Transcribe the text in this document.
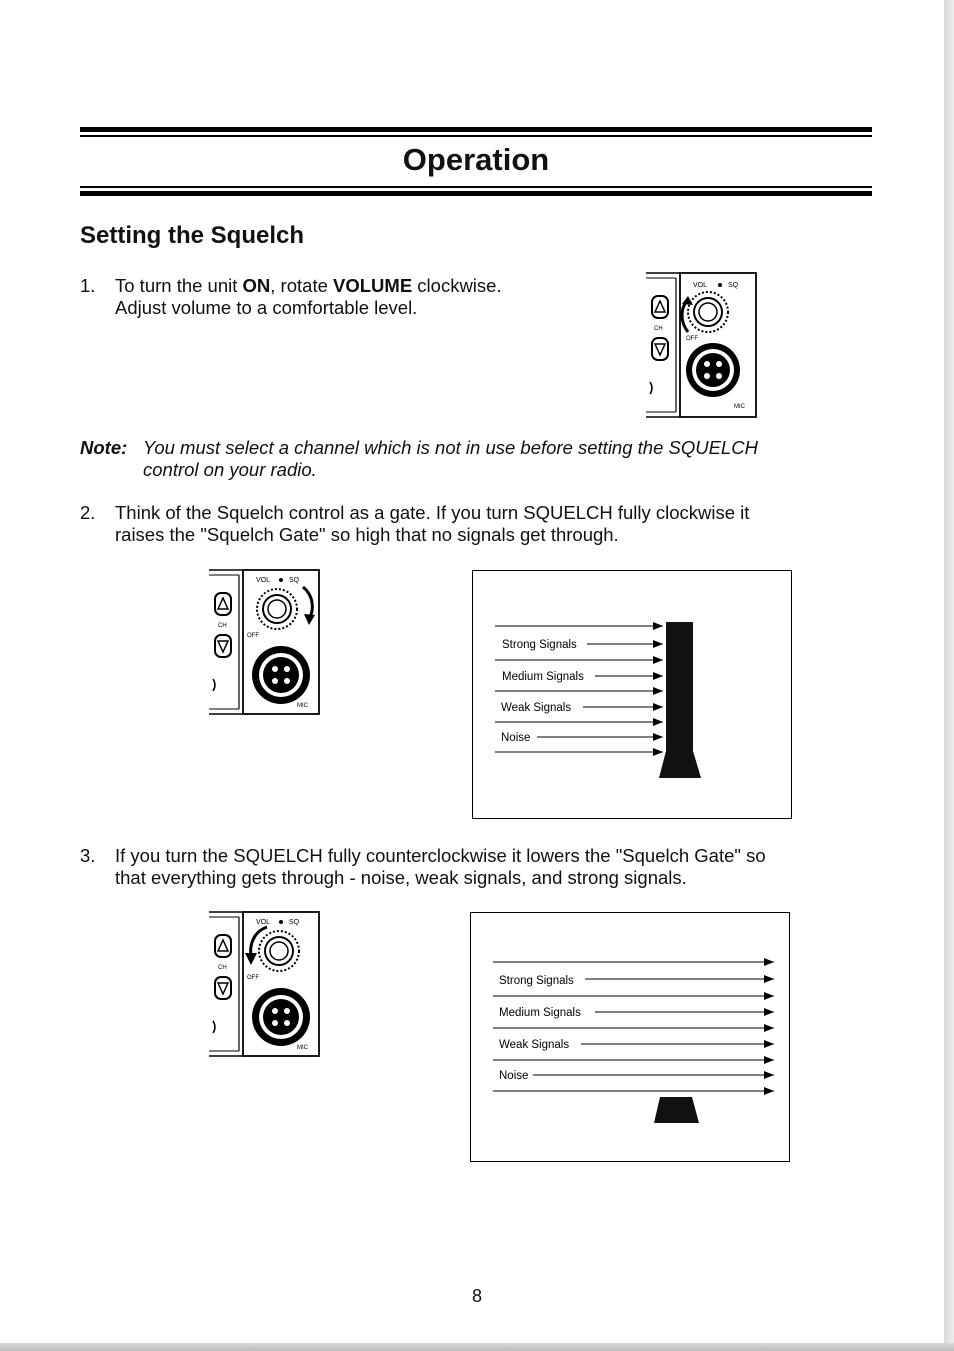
Operation
Setting the Squelch
1. To turn the unit ON, rotate VOLUME clockwise.
Adjust volume to a comfortable level.
VOL	SQ
MIC
CH
OFF
Note: You must select a channel which is not in use before setting the SQUELCH
control on your radio.
2. Think of the Squelch control as a gate. If you turn SQUELCH fully clockwise it
raises the "Squelch Gate" so high that no signals get through.
VOL	SQ
MIC
CH
OFF
Strong Signals
Medium Signals
Weak Signals
Noise
3. If you turn the SQUELCH fully counterclockwise it lowers the "Squelch Gate" so
that everything gets through - noise, weak signals, and strong signals.
VOL	SQ
MIC
CH
OFF	Strong Signals
Medium Signals
Weak Signals
Noise
8
